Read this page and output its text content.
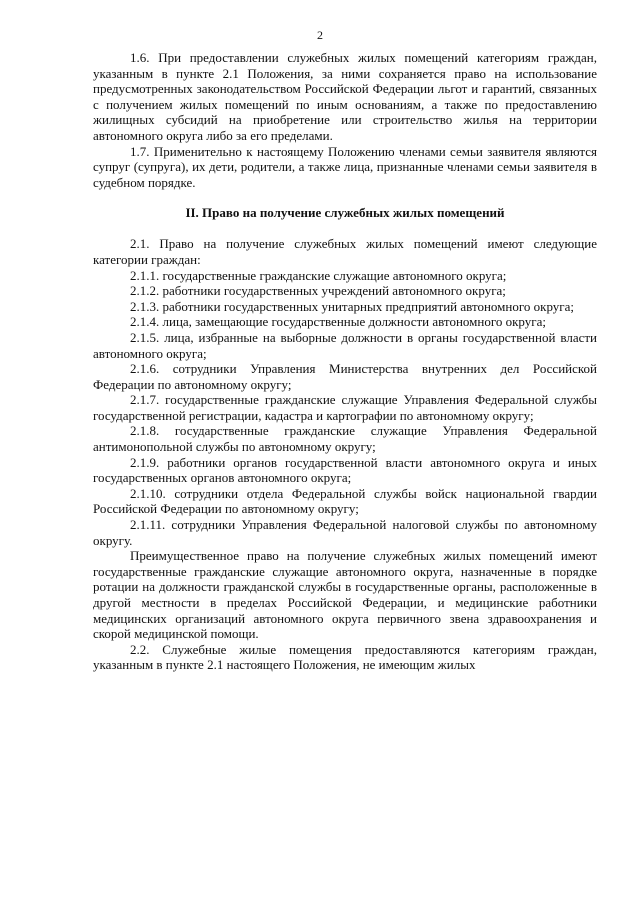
2

1.6. При предоставлении служебных жилых помещений категориям граждан, указанным в пункте 2.1 Положения, за ними сохраняется право на использование предусмотренных законодательством Российской Федерации льгот и гарантий, связанных с получением жилых помещений по иным основаниям, а также по предоставлению жилищных субсидий на приобретение или строительство жилья на территории автономного округа либо за его пределами.

1.7. Применительно к настоящему Положению членами семьи заявителя являются супруг (супруга), их дети, родители, а также лица, признанные членами семьи заявителя в судебном порядке.

II. Право на получение служебных жилых помещений

2.1. Право на получение служебных жилых помещений имеют следующие категории граждан:

2.1.1. государственные гражданские служащие автономного округа;

2.1.2. работники государственных учреждений автономного округа;

2.1.3. работники государственных унитарных предприятий автономного округа;

2.1.4. лица, замещающие государственные должности автономного округа;

2.1.5. лица, избранные на выборные должности в органы государственной власти автономного округа;

2.1.6. сотрудники Управления Министерства внутренних дел Российской Федерации по автономному округу;

2.1.7. государственные гражданские служащие Управления Федеральной службы государственной регистрации, кадастра и картографии по автономному округу;

2.1.8. государственные гражданские служащие Управления Федеральной антимонопольной службы по автономному округу;

2.1.9. работники органов государственной власти автономного округа и иных государственных органов автономного округа;

2.1.10. сотрудники отдела Федеральной службы войск национальной гвардии Российской Федерации по автономному округу;

2.1.11. сотрудники Управления Федеральной налоговой службы по автономному округу.

Преимущественное право на получение служебных жилых помещений имеют государственные гражданские служащие автономного округа, назначенные в порядке ротации на должности гражданской службы в государственные органы, расположенные в другой местности в пределах Российской Федерации, и медицинские работники медицинских организаций автономного округа первичного звена здравоохранения и скорой медицинской помощи.

2.2. Служебные жилые помещения предоставляются категориям граждан, указанным в пункте 2.1 настоящего Положения, не имеющим жилых
